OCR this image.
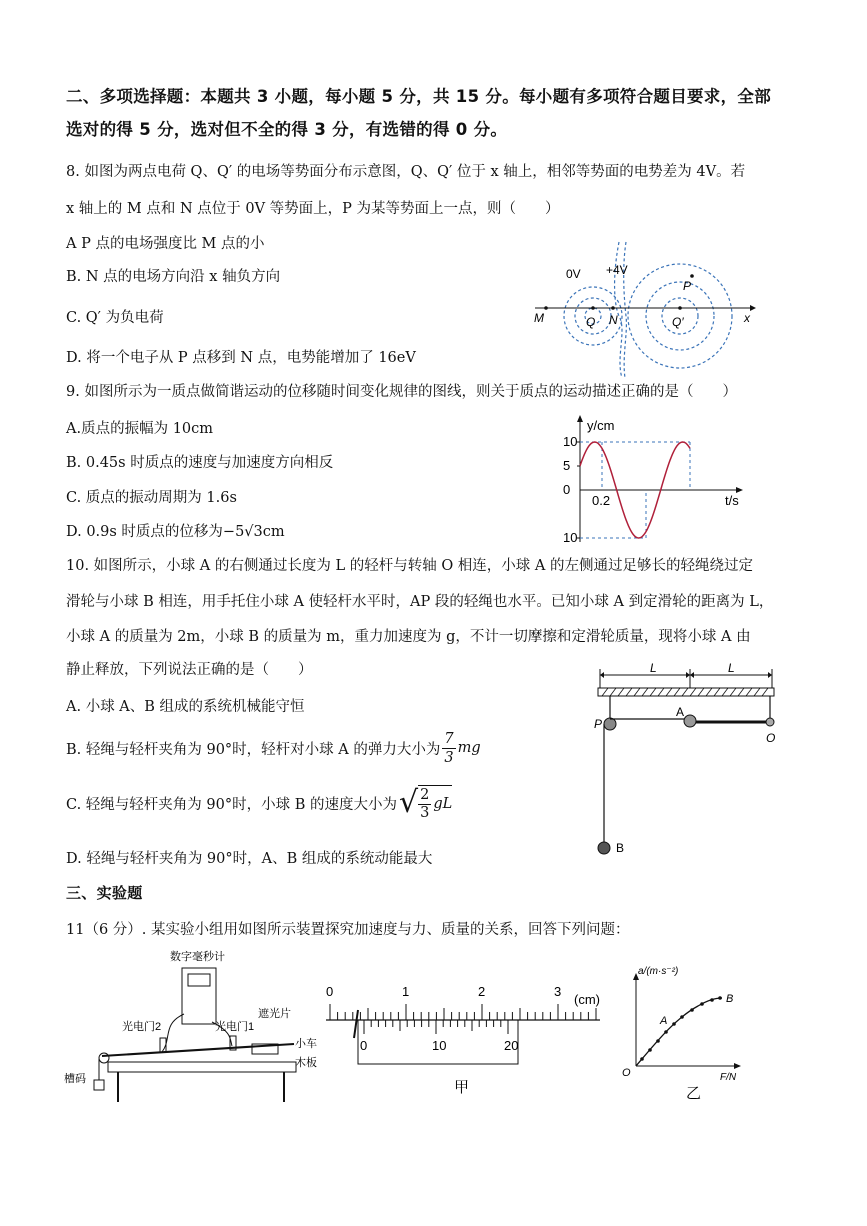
二、多项选择题：本题共 3 小题，每小题 5 分，共 15 分。每小题有多项符合题目要求，全部
选对的得 5 分，选对但不全的得 3 分，有选错的得 0 分。
8. 如图为两点电荷 Q、Q′ 的电场等势面分布示意图，Q、Q′ 位于 x 轴上，相邻等势面的电势差为 4V。若
x 轴上的 M 点和 N 点位于 0V 等势面上，P 为某等势面上一点，则（　　）
A P 点的电场强度比 M 点的小
B. N 点的电场方向沿 x 轴负方向
C. Q′ 为负电荷
D. 将一个电子从 P 点移到 N 点，电势能增加了 16eV
0V +4V
P
M	Q N	Q′	x
9. 如图所示为一质点做简谐运动的位移随时间变化规律的图线，则关于质点的运动描述正确的是（　　）
A.质点的振幅为 10cm
B. 0.45s 时质点的速度与加速度方向相反
C. 质点的振动周期为 1.6s
D. 0.9s 时质点的位移为−5√3cm
y/cm
t/s
10
5
0
10
0.2
10. 如图所示，小球 A 的右侧通过长度为 L 的轻杆与转轴 O 相连，小球 A 的左侧通过足够长的轻绳绕过定
滑轮与小球 B 相连，用手托住小球 A 使轻杆水平时，AP 段的轻绳也水平。已知小球 A 到定滑轮的距离为 L，
小球 A 的质量为 2m，小球 B 的质量为 m，重力加速度为 g，不计一切摩擦和定滑轮质量，现将小球 A 由
静止释放，下列说法正确的是（　　）
A. 小球 A、B 组成的系统机械能守恒
B. 轻绳与轻杆夹角为 90°时，轻杆对小球 A 的弹力大小为 $\frac{7}{3}$ mg
C. 轻绳与轻杆夹角为 90°时，小球 B 的速度大小为 √ $\frac{2}{3}$ gL
D. 轻绳与轻杆夹角为 90°时，A、B 组成的系统动能最大
L	L
P
A
O
B
三、实验题
11（6 分）. 某实验小组用如图所示装置探究加速度与力、质量的关系，回答下列问题：
数字毫秒计
光电门2	光电门1
遮光片
小车
木板
槽码
0	1	2	3
(cm)
0	10	20
甲
a/(m·s⁻²)
F/N
O
A
B
乙
